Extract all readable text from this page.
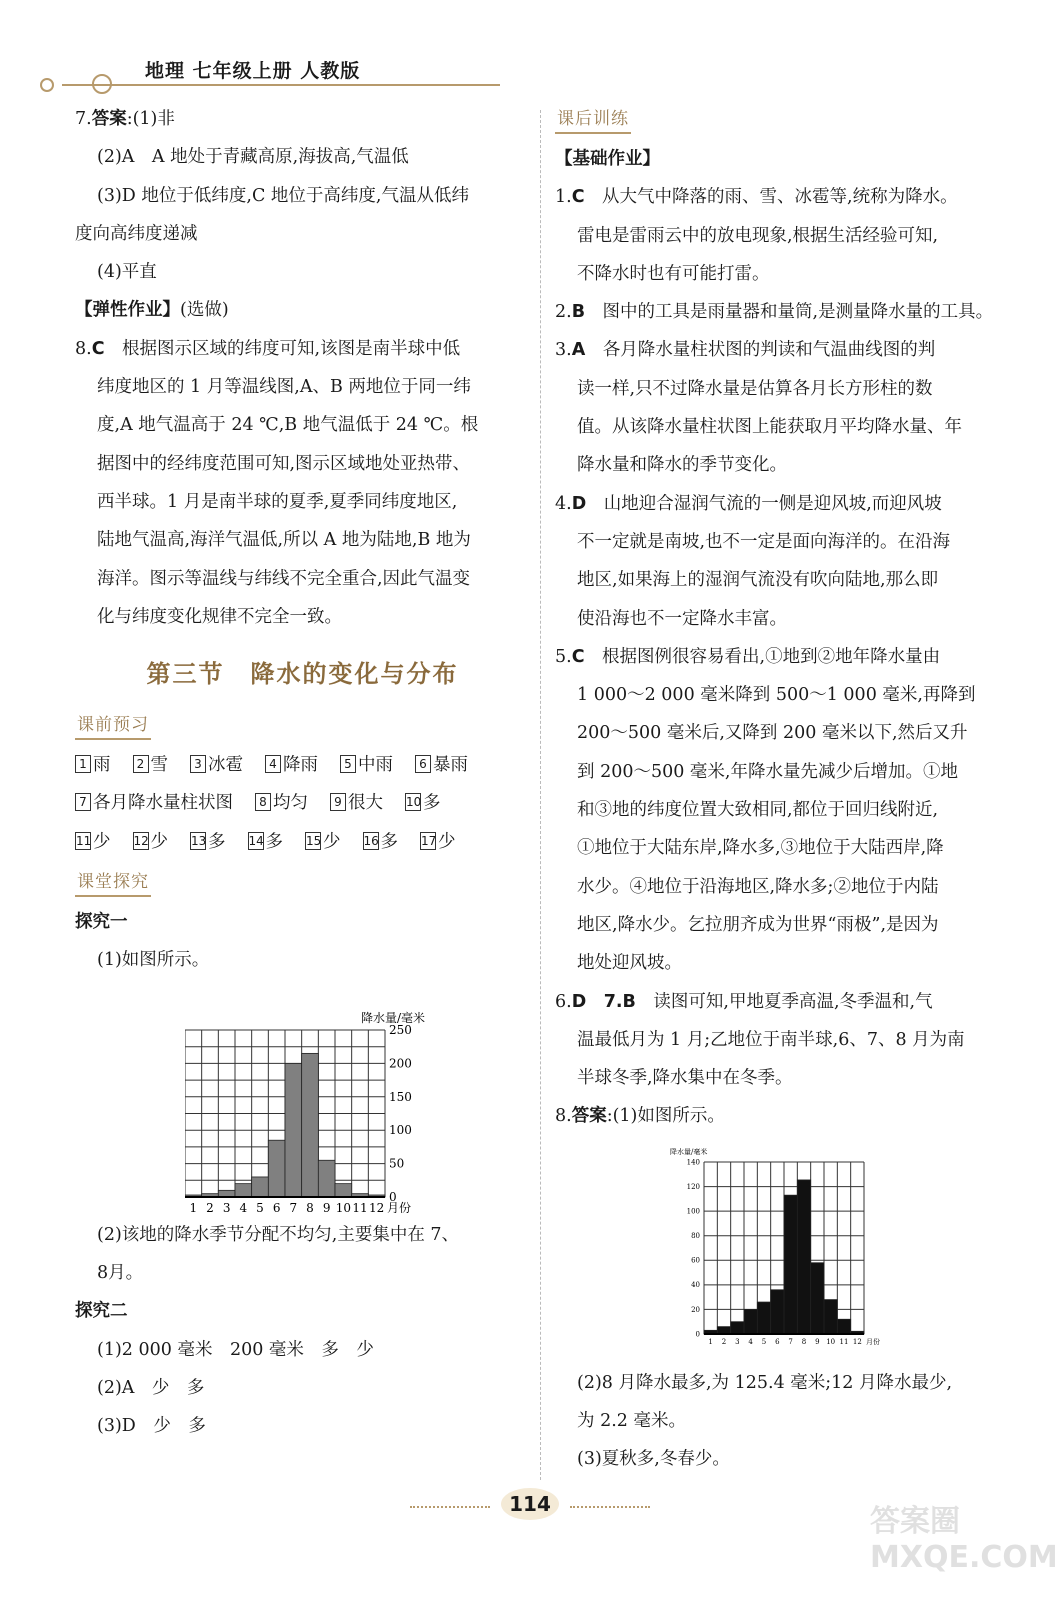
地理 七年级上册 人教版
7.答案:(1)非
(2)A　A 地处于青藏高原,海拔高,气温低
(3)D 地位于低纬度,C 地位于高纬度,气温从低纬
度向高纬度递减
(4)平直
【弹性作业】(选做)
8.C　 根据图示区域的纬度可知,该图是南半球中低
纬度地区的 1 月等温线图,A、B 两地位于同一纬
度,A 地气温高于 24 ℃,B 地气温低于 24 ℃。根
据图中的经纬度范围可知,图示区域地处亚热带、
西半球。1 月是南半球的夏季,夏季同纬度地区,
陆地气温高,海洋气温低,所以 A 地为陆地,B 地为
海洋。图示等温线与纬线不完全重合,因此气温变
化与纬度变化规律不完全一致。
第三节　降水的变化与分布
课前预习
1 雨 2 雪 3 冰雹 4 降雨 5 中雨 6 暴雨
7 各月降水量柱状图 8 均匀 9 很大 10多
11少 12少 13多 14多 15少 16多 17少
课堂探究
探究一
(1)如图所示。
(2)该地的降水季节分配不均匀,主要集中在 7、
8月。
探究二
(1)2 000 毫米　200 毫米　多　少
(2)A　少　多
(3)D　少　多
1 2 3 4 5 6 7 8 9 10 11 12 月份
0
50
100
150
200
250
降水量/毫米
课后训练
【基础作业】
1.C　 从大气中降落的雨、雪、冰雹等,统称为降水。
雷电是雷雨云中的放电现象,根据生活经验可知,
不降水时也有可能打雷。
2.B　 图中的工具是雨量器和量筒,是测量降水量的工具。
3.A　 各月降水量柱状图的判读和气温曲线图的判
读一样,只不过降水量是估算各月长方形柱的数
值。从该降水量柱状图上能获取月平均降水量、年
降水量和降水的季节变化。
4.D　 山地迎合湿润气流的一侧是迎风坡,而迎风坡
不一定就是南坡,也不一定是面向海洋的。在沿海
地区,如果海上的湿润气流没有吹向陆地,那么即
使沿海也不一定降水丰富。
5.C　 根据图例很容易看出,①地到②地年降水量由
1 000～2 000 毫米降到 500～1 000 毫米,再降到
200～500 毫米后,又降到 200 毫米以下,然后又升
到 200～500 毫米,年降水量先减少后增加。①地
和③地的纬度位置大致相同,都位于回归线附近,
①地位于大陆东岸,降水多,③地位于大陆西岸,降
水少。④地位于沿海地区,降水多;②地位于内陆
地区,降水少。乞拉朋齐成为世界“雨极”,是因为
地处迎风坡。
6.D　7.B　 读图可知,甲地夏季高温,冬季温和,气
温最低月为 1 月;乙地位于南半球,6、7、8 月为南
半球冬季,降水集中在冬季。
8.答案:(1)如图所示。
(2)8 月降水最多,为 125.4 毫米;12 月降水最少,
为 2.2 毫米。
(3)夏秋多,冬春少。
1 2 3 4 5 6 7 8 9 10 11 12 月份
0
20
40
60
80
100
120
140
降水量/毫米
114	答案圈 MXQE.COM
